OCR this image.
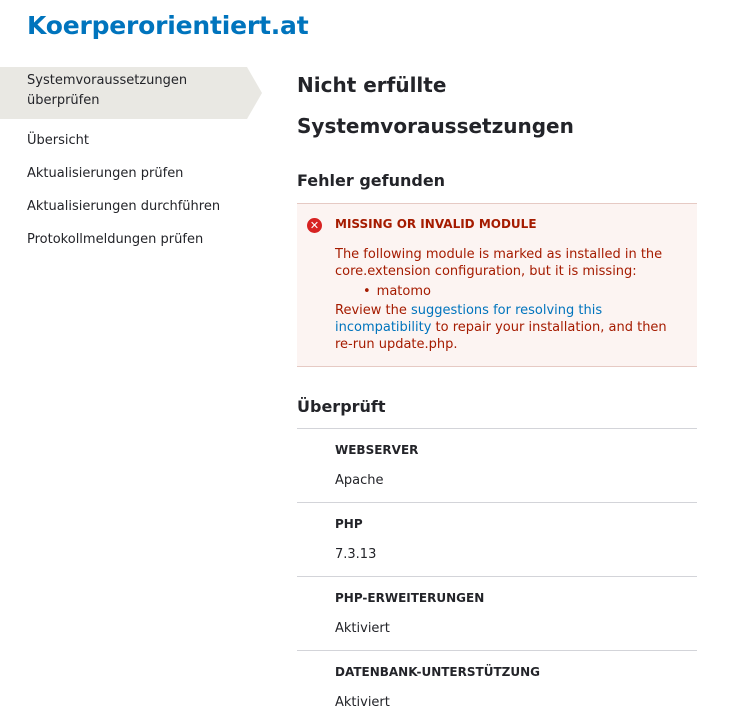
Koerperorientiert.at
Systemvoraussetzungen überprüfen
Übersicht
Aktualisierungen prüfen
Aktualisierungen durchführen
Protokollmeldungen prüfen
Nicht erfüllte Systemvoraussetzungen
Fehler gefunden
✕ MISSING OR INVALID MODULE

The following module is marked as installed in the core.extension configuration, but it is missing:

• matomo

Review the suggestions for resolving this incompatibility to repair your installation, and then re-run update.php.

Überprüft
WEBSERVER
Apache
PHP
7.3.13
PHP-ERWEITERUNGEN
Aktiviert
DATENBANK-UNTERSTÜTZUNG
Aktiviert
